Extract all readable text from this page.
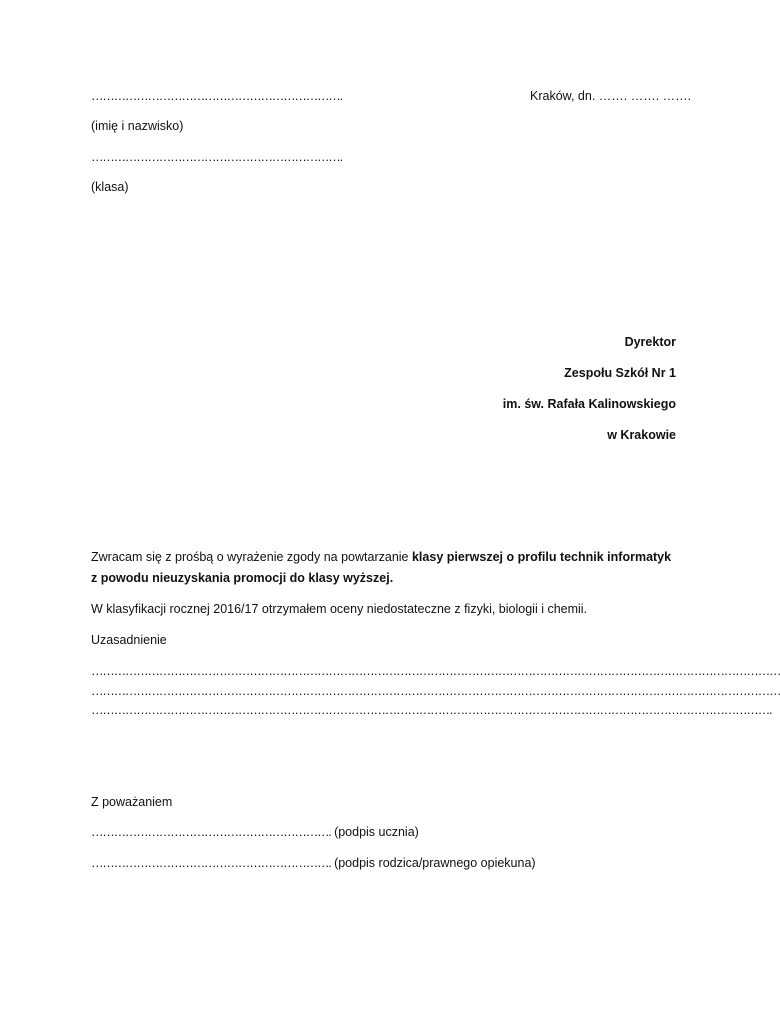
………………………………………………………….	Kraków, dn. ……. ……. …….
(imię i nazwisko)
………………………………………………………….
(klasa)
Dyrektor
Zespołu Szkół Nr 1
im. św. Rafała Kalinowskiego
w Krakowie
Zwracam się z prośbą o wyrażenie zgody na powtarzanie klasy pierwszej o profilu technik informatyk
z powodu nieuzyskania promocji do klasy wyższej.
W klasyfikacji rocznej 2016/17 otrzymałem oceny niedostateczne z fizyki, biologii i chemii.
Uzasadnienie
…………………………………………………………………………………………………………………………………………………………………
…………………………………………………………………………………………………………………………………………………………………
……………………………………………………………………………………………………………………………………………………………….
Z poważaniem
………………………………………………………. (podpis ucznia)
………………………………………………………. (podpis rodzica/prawnego opiekuna)
